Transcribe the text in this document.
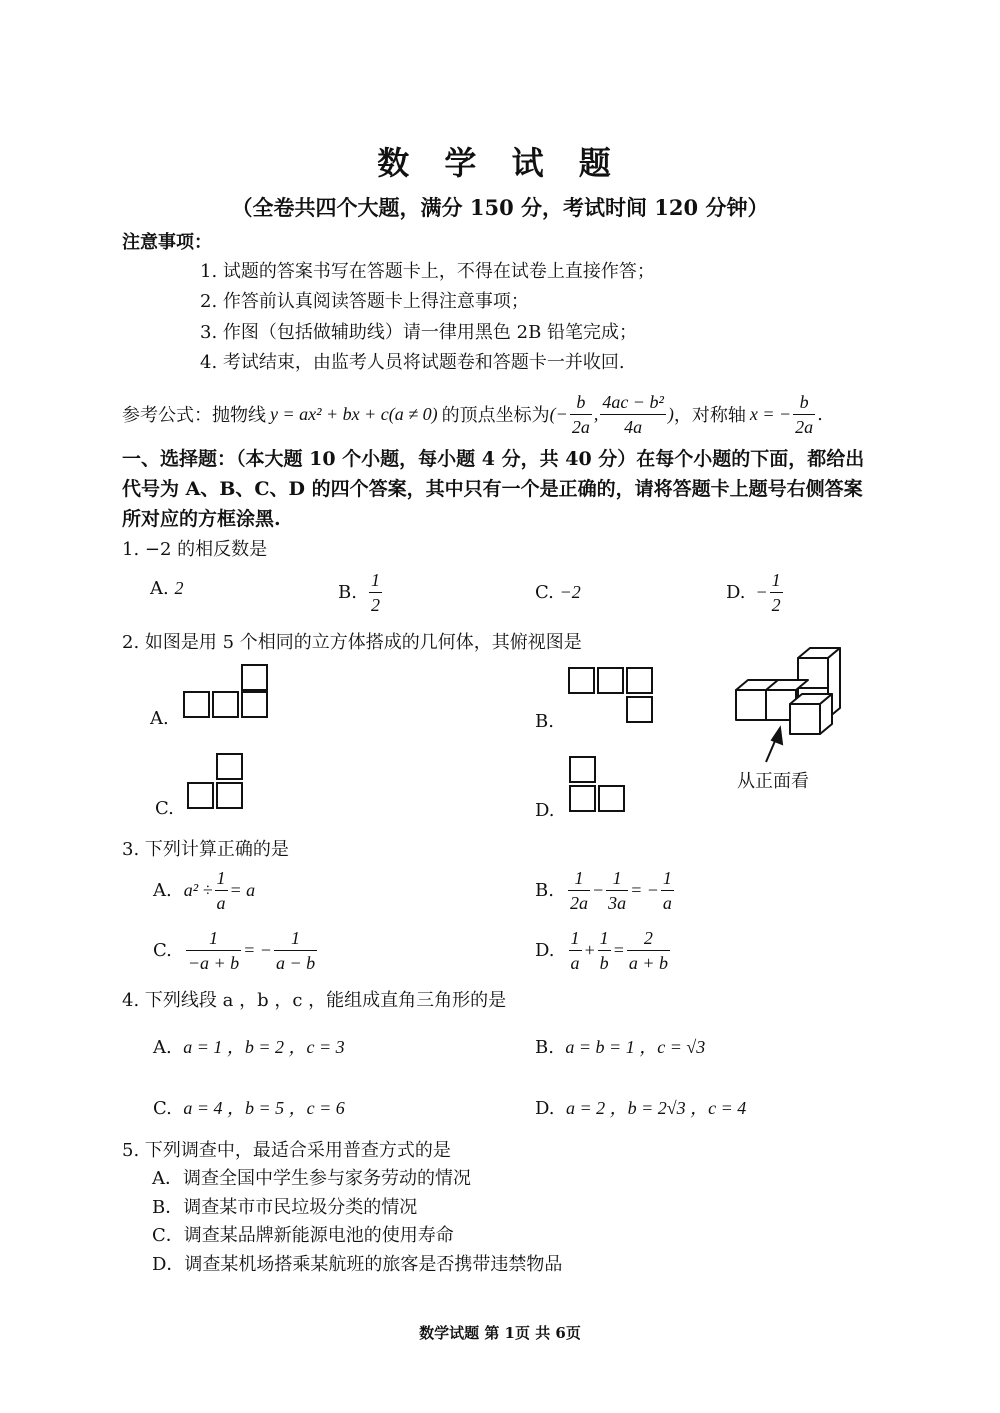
数 学 试 题
（全卷共四个大题，满分 150 分，考试时间 120 分钟）
注意事项：
1. 试题的答案书写在答题卡上，不得在试卷上直接作答；
2. 作答前认真阅读答题卡上得注意事项；
3. 作图（包括做辅助线）请一律用黑色 2B 铅笔完成；
4. 考试结束，由监考人员将试题卷和答题卡一并收回.
参考公式：抛物线 y = ax² + bx + c(a ≠ 0) 的顶点坐标为 (− $\frac{b}{2a}$ , $\frac{\text{4ac − b²}}{4a}$ ) ，对称轴 x = − $\frac{b}{2a}$ .
一、选择题：（本大题 10 个小题，每小题 4 分，共 40 分）在每个小题的下面，都给出
代号为 A、B、C、D 的四个答案，其中只有一个是正确的，请将答题卡上题号右侧答案
所对应的方框涂黑.
1. −2 的相反数是
A. 2	B. $\frac{1}{2}$	C. −2	D. − $\frac{1}{2}$
2. 如图是用 5 个相同的立方体搭成的几何体，其俯视图是
A.	B.
C.	D.
从正面看
3. 下列计算正确的是
A. $a^2 \div \frac{1}{a} = a$	B. $\frac{1}{2a} - \frac{1}{3a}$ = − $\frac{1}{a}$
C. $\frac{1}{-a + b}$ = − $\frac{1}{a - b}$	D. $\frac{1}{a} + \frac{1}{b} = \frac{2}{a + b}$
4. 下列线段 a ，b ，c ，能组成直角三角形的是
A. a = 1 ，b = 2 ，c = 3	B. a = b = 1 ，c = √3
C. a = 4 ，b = 5 ，c = 6	D. a = 2 ，b = 2√3 ，c = 4
5. 下列调查中，最适合采用普查方式的是
A．调查全国中学生参与家务劳动的情况
B．调查某市市民垃圾分类的情况
C．调查某品牌新能源电池的使用寿命
D．调查某机场搭乘某航班的旅客是否携带违禁物品
数学试题 第 1页 共 6页
